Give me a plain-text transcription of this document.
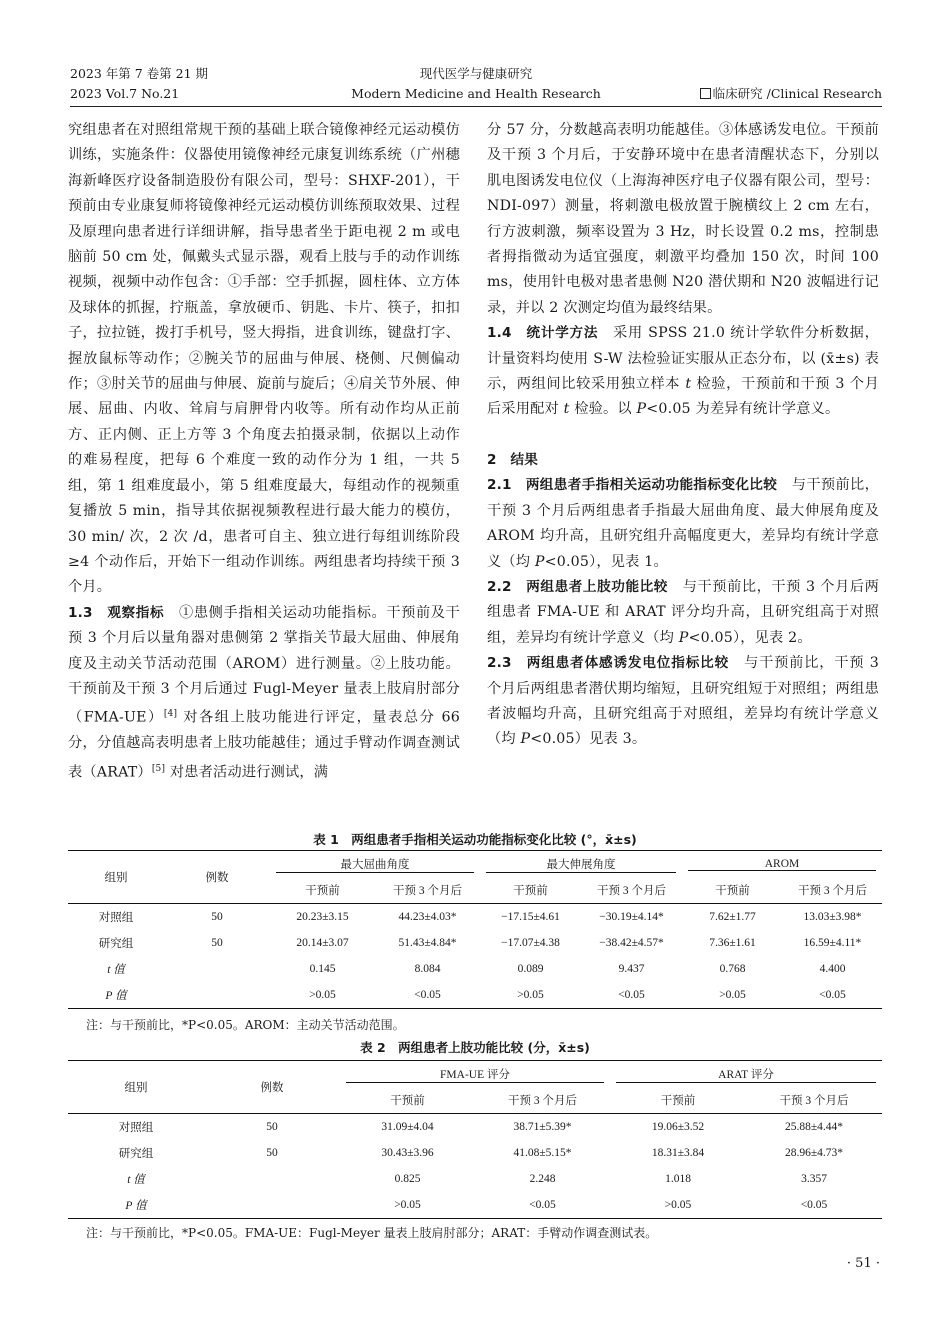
2023 年第 7 卷第 21 期	现代医学与健康研究
2023 Vol.7 No.21	Modern Medicine and Health Research	临床研究 /Clinical Research

究组患者在对照组常规干预的基础上联合镜像神经元运动模仿训练，实施条件：仪器使用镜像神经元康复训练系统（广州穗海新峰医疗设备制造股份有限公司，型号：SHXF-201），干预前由专业康复师将镜像神经元运动模仿训练预取效果、过程及原理向患者进行详细讲解，指导患者坐于距电视 2 m 或电脑前 50 cm 处，佩戴头式显示器，观看上肢与手的动作训练视频，视频中动作包含：①手部：空手抓握，圆柱体、立方体及球体的抓握，拧瓶盖，拿放硬币、钥匙、卡片、筷子，扣扣子，拉拉链，拨打手机号，竖大拇指，进食训练，键盘打字、握放鼠标等动作；②腕关节的屈曲与伸展、桡侧、尺侧偏动作；③肘关节的屈曲与伸展、旋前与旋后；④肩关节外展、伸展、屈曲、内收、耸肩与肩胛骨内收等。所有动作均从正前方、正内侧、正上方等 3 个角度去拍摄录制，依据以上动作的难易程度，把每 6 个难度一致的动作分为 1 组，一共 5 组，第 1 组难度最小，第 5 组难度最大，每组动作的视频重复播放 5 min，指导其依据视频教程进行最大能力的模仿，30 min/ 次，2 次 /d，患者可自主、独立进行每组训练阶段≥4 个动作后，开始下一组动作训练。两组患者均持续干预 3 个月。

1.3　观察指标　 ①患侧手指相关运动功能指标。干预前及干预 3 个月后以量角器对患侧第 2 掌指关节最大屈曲、伸展角度及主动关节活动范围（AROM）进行测量。②上肢功能。干预前及干预 3 个月后通过 Fugl-Meyer 量表上肢肩肘部分（FMA-UE）[4] 对各组上肢功能进行评定，量表总分 66 分，分值越高表明患者上肢功能越佳；通过手臂动作调查测试表（ARAT）[5] 对患者活动进行测试，满

分 57 分，分数越高表明功能越佳。③体感诱发电位。干预前及干预 3 个月后，于安静环境中在患者清醒状态下，分别以肌电图诱发电位仪（上海海神医疗电子仪器有限公司，型号：NDI-097）测量，将刺激电极放置于腕横纹上 2 cm 左右，行方波刺激，频率设置为 3 Hz，时长设置 0.2 ms，控制患者拇指微动为适宜强度，刺激平均叠加 150 次，时间 100 ms，使用针电极对患者患侧 N20 潜伏期和 N20 波幅进行记录，并以 2 次测定均值为最终结果。

1.4　统计学方法　 采用 SPSS 21.0 统计学软件分析数据，计量资料均使用 S-W 法检验证实服从正态分布，以 (x̄±s) 表示，两组间比较采用独立样本 t 检验，干预前和干预 3 个月后采用配对 t 检验。以 P<0.05 为差异有统计学意义。

2　结果

2.1　两组患者手指相关运动功能指标变化比较　 与干预前比，干预 3 个月后两组患者手指最大屈曲角度、最大伸展角度及 AROM 均升高，且研究组升高幅度更大，差异均有统计学意义（均 P<0.05），见表 1。

2.2　两组患者上肢功能比较　 与干预前比，干预 3 个月后两组患者 FMA-UE 和 ARAT 评分均升高，且研究组高于对照组，差异均有统计学意义（均 P<0.05），见表 2。

2.3　两组患者体感诱发电位指标比较　 与干预前比，干预 3 个月后两组患者潜伏期均缩短，且研究组短于对照组；两组患者波幅均升高，且研究组高于对照组，差异均有统计学意义（均 P<0.05）见表 3。

表 1　两组患者手指相关运动功能指标变化比较 (°，x̄±s)
组别	例数	最大屈曲角度		最大伸展角度		AROM	

		干预前	干预 3 个月后	干预前	干预 3 个月后	干预前	干预 3 个月后
对照组	50	20.23±3.15	44.23±4.03*	−17.15±4.61	−30.19±4.14*	7.62±1.77	13.03±3.98*
研究组	50	20.14±3.07	51.43±4.84*	−17.07±4.38	−38.42±4.57*	7.36±1.61	16.59±4.11*
t 值		0.145	8.084	0.089	9.437	0.768	4.400
P 值		>0.05	<0.05	>0.05	<0.05	>0.05	<0.05
注：与干预前比，*P<0.05。AROM：主动关节活动范围。
表 2　两组患者上肢功能比较 (分，x̄±s)
组别	例数	FMA-UE 评分		ARAT 评分	

		干预前	干预 3 个月后	干预前	干预 3 个月后
对照组	50	31.09±4.04	38.71±5.39*	19.06±3.52	25.88±4.44*
研究组	50	30.43±3.96	41.08±5.15*	18.31±3.84	28.96±4.73*
t 值		0.825	2.248	1.018	3.357
P 值		>0.05	<0.05	>0.05	<0.05
注：与干预前比，*P<0.05。FMA-UE：Fugl-Meyer 量表上肢肩肘部分；ARAT：手臂动作调查测试表。
· 51 ·
